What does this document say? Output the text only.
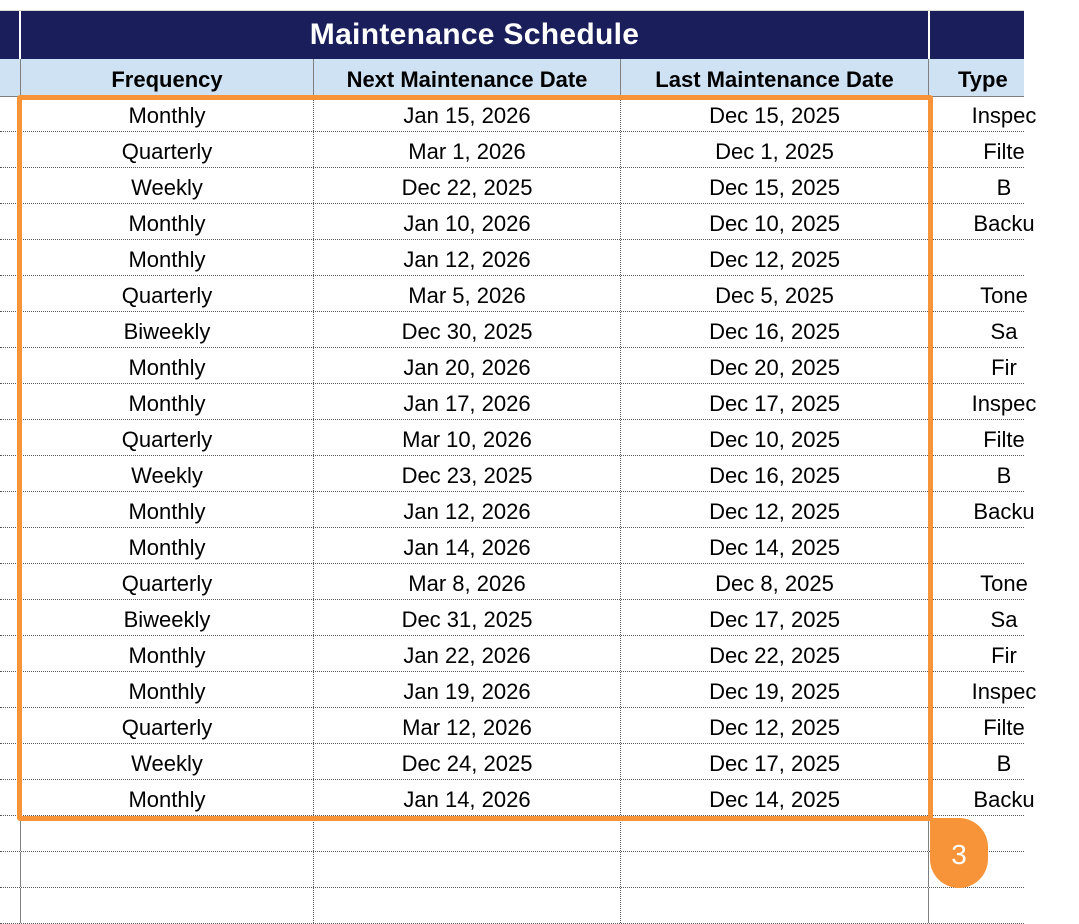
Maintenance Schedule
Frequency	Next Maintenance Date	Last Maintenance Date	Type
Monthly	Jan 15, 2026	Dec 15, 2025	Inspec
Quarterly	Mar 1, 2026	Dec 1, 2025	Filte
Weekly	Dec 22, 2025	Dec 15, 2025	B
Monthly	Jan 10, 2026	Dec 10, 2025	Backu
Monthly	Jan 12, 2026	Dec 12, 2025
Quarterly	Mar 5, 2026	Dec 5, 2025	Tone
Biweekly	Dec 30, 2025	Dec 16, 2025	Sa
Monthly	Jan 20, 2026	Dec 20, 2025	Fir
Monthly	Jan 17, 2026	Dec 17, 2025	Inspec
Quarterly	Mar 10, 2026	Dec 10, 2025	Filte
Weekly	Dec 23, 2025	Dec 16, 2025	B
Monthly	Jan 12, 2026	Dec 12, 2025	Backu
Monthly	Jan 14, 2026	Dec 14, 2025
Quarterly	Mar 8, 2026	Dec 8, 2025	Tone
Biweekly	Dec 31, 2025	Dec 17, 2025	Sa
Monthly	Jan 22, 2026	Dec 22, 2025	Fir
Monthly	Jan 19, 2026	Dec 19, 2025	Inspec
Quarterly	Mar 12, 2026	Dec 12, 2025	Filte
Weekly	Dec 24, 2025	Dec 17, 2025	B
Monthly	Jan 14, 2026	Dec 14, 2025	Backu
3
